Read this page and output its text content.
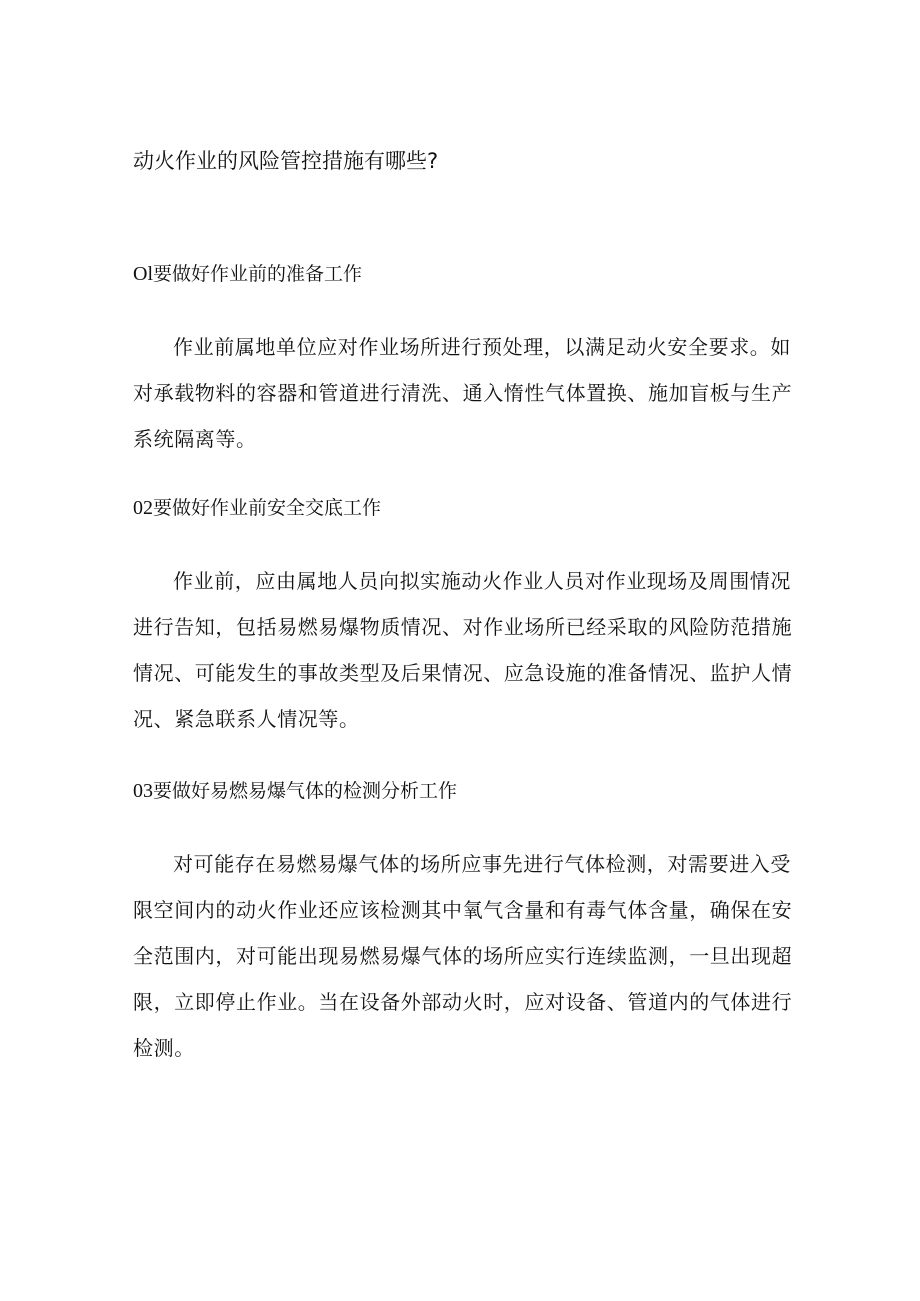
动火作业的风险管控措施有哪些?
Ol要做好作业前的准备工作

作业前属地单位应对作业场所进行预处理，以满足动火安全要求。如
对承载物料的容器和管道进行清洗、通入惰性气体置换、施加盲板与生产
系统隔离等。

02要做好作业前安全交底工作

作业前，应由属地人员向拟实施动火作业人员对作业现场及周围情况
进行告知，包括易燃易爆物质情况、对作业场所已经采取的风险防范措施
情况、可能发生的事故类型及后果情况、应急设施的准备情况、监护人情
况、紧急联系人情况等。

03要做好易燃易爆气体的检测分析工作

对可能存在易燃易爆气体的场所应事先进行气体检测，对需要进入受
限空间内的动火作业还应该检测其中氧气含量和有毒气体含量，确保在安
全范围内，对可能出现易燃易爆气体的场所应实行连续监测，一旦出现超
限，立即停止作业。当在设备外部动火时，应对设备、管道内的气体进行
检测。
